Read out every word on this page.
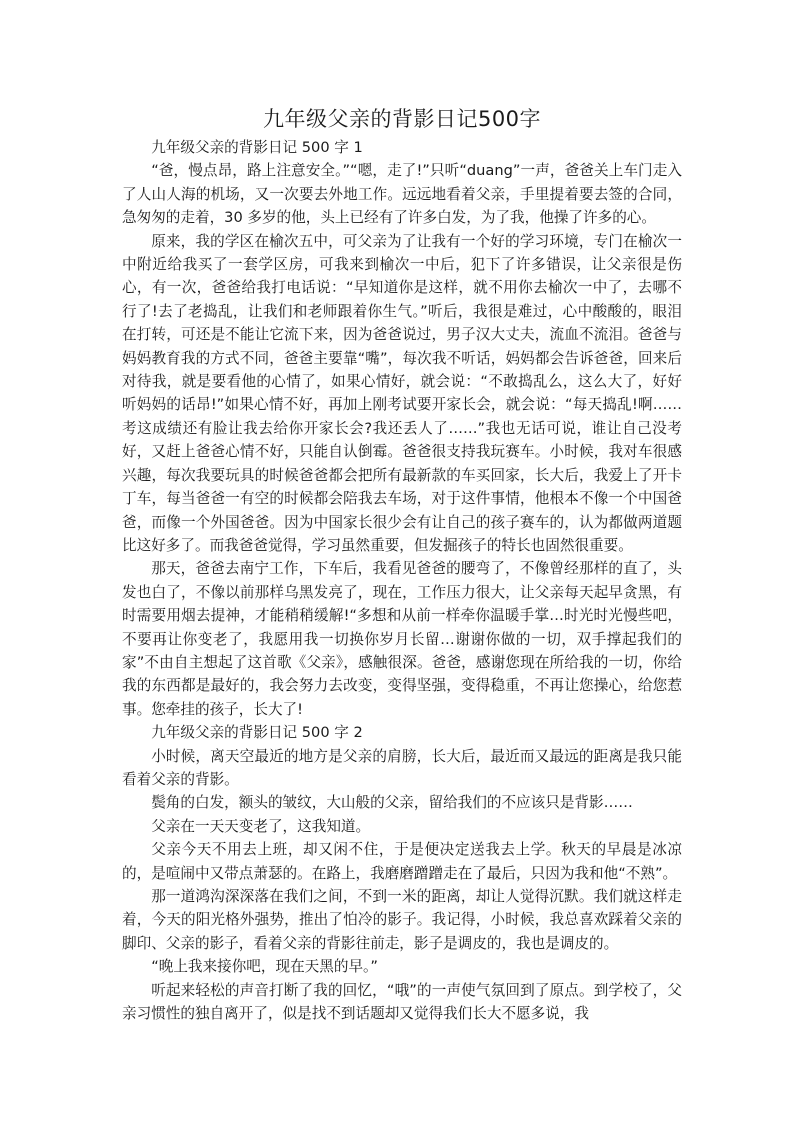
九年级父亲的背影日记500字

九年级父亲的背影日记 500 字 1

“爸，慢点昂，路上注意安全。”“嗯，走了!”只听“duang”一声，爸爸关上车门走入了人山人海的机场，又一次要去外地工作。远远地看着父亲，手里提着要去签的合同，急匆匆的走着，30 多岁的他，头上已经有了许多白发，为了我，他操了许多的心。

原来，我的学区在榆次五中，可父亲为了让我有一个好的学习环境，专门在榆次一中附近给我买了一套学区房，可我来到榆次一中后，犯下了许多错误，让父亲很是伤心，有一次，爸爸给我打电话说：“早知道你是这样，就不用你去榆次一中了，去哪不行了!去了老捣乱，让我们和老师跟着你生气。”听后，我很是难过，心中酸酸的，眼泪在打转，可还是不能让它流下来，因为爸爸说过，男子汉大丈夫，流血不流泪。爸爸与妈妈教育我的方式不同，爸爸主要靠“嘴”，每次我不听话，妈妈都会告诉爸爸，回来后对待我，就是要看他的心情了，如果心情好，就会说：“不敢捣乱么，这么大了，好好听妈妈的话昂!”如果心情不好，再加上刚考试要开家长会，就会说：“每天捣乱!啊……考这成绩还有脸让我去给你开家长会?我还丢人了……”我也无话可说，谁让自己没考好，又赶上爸爸心情不好，只能自认倒霉。爸爸很支持我玩赛车。小时候，我对车很感兴趣，每次我要玩具的时候爸爸都会把所有最新款的车买回家，长大后，我爱上了开卡丁车，每当爸爸一有空的时候都会陪我去车场，对于这件事情，他根本不像一个中国爸爸，而像一个外国爸爸。因为中国家长很少会有让自己的孩子赛车的，认为都做两道题比这好多了。而我爸爸觉得，学习虽然重要，但发掘孩子的特长也固然很重要。

那天，爸爸去南宁工作，下车后，我看见爸爸的腰弯了，不像曾经那样的直了，头发也白了，不像以前那样乌黑发亮了，现在，工作压力很大，让父亲每天起早贪黑，有时需要用烟去提神，才能稍稍缓解!“多想和从前一样牵你温暖手掌…时光时光慢些吧，不要再让你变老了，我愿用我一切换你岁月长留…谢谢你做的一切，双手撑起我们的家”不由自主想起了这首歌《父亲》，感触很深。爸爸，感谢您现在所给我的一切，你给我的东西都是最好的，我会努力去改变，变得坚强，变得稳重，不再让您操心，给您惹事。您牵挂的孩子，长大了!

九年级父亲的背影日记 500 字 2

小时候，离天空最近的地方是父亲的肩膀，长大后，最近而又最远的距离是我只能看着父亲的背影。

鬓角的白发，额头的皱纹，大山般的父亲，留给我们的不应该只是背影……

父亲在一天天变老了，这我知道。

父亲今天不用去上班，却又闲不住，于是便决定送我去上学。秋天的早晨是冰凉的，是喧闹中又带点萧瑟的。在路上，我磨磨蹭蹭走在了最后，只因为我和他“不熟”。

那一道鸿沟深深落在我们之间，不到一米的距离，却让人觉得沉默。我们就这样走着，今天的阳光格外强势，推出了怕冷的影子。我记得，小时候，我总喜欢踩着父亲的脚印、父亲的影子，看着父亲的背影往前走，影子是调皮的，我也是调皮的。

“晚上我来接你吧，现在天黑的早。”

听起来轻松的声音打断了我的回忆，“哦”的一声使气氛回到了原点。到学校了，父亲习惯性的独自离开了，似是找不到话题却又觉得我们长大不愿多说，我
